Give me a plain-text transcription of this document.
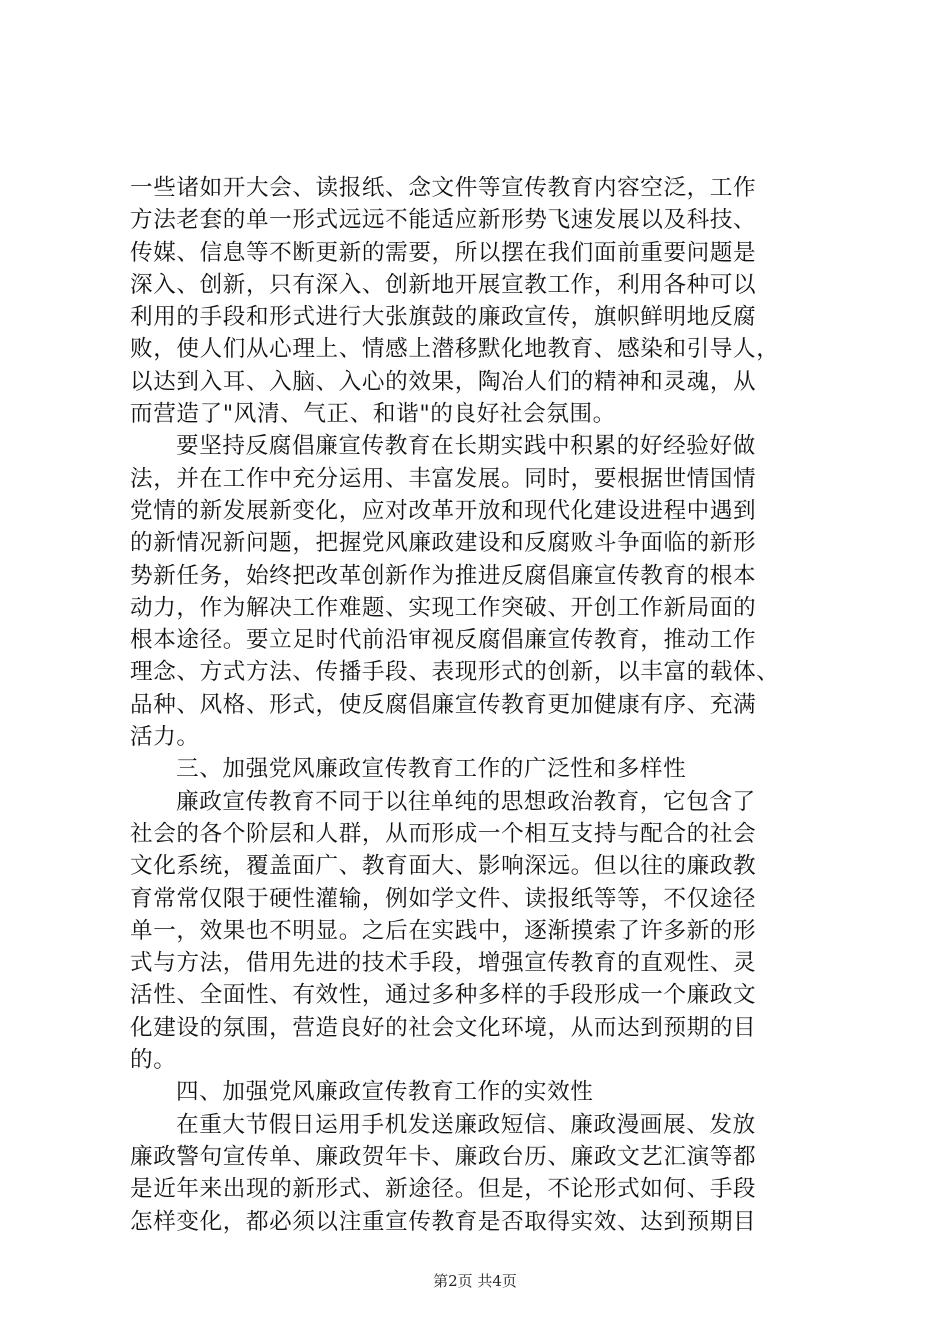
一些诸如开大会、读报纸、念文件等宣传教育内容空泛，工作
方法老套的单一形式远远不能适应新形势飞速发展以及科技、
传媒、信息等不断更新的需要，所以摆在我们面前重要问题是
深入、创新，只有深入、创新地开展宣教工作，利用各种可以
利用的手段和形式进行大张旗鼓的廉政宣传，旗帜鲜明地反腐
败，使人们从心理上、情感上潜移默化地教育、感染和引导人，
以达到入耳、入脑、入心的效果，陶冶人们的精神和灵魂，从
而营造了"风清、气正、和谐"的良好社会氛围。
要坚持反腐倡廉宣传教育在长期实践中积累的好经验好做
法，并在工作中充分运用、丰富发展。同时，要根据世情国情
党情的新发展新变化，应对改革开放和现代化建设进程中遇到
的新情况新问题，把握党风廉政建设和反腐败斗争面临的新形
势新任务，始终把改革创新作为推进反腐倡廉宣传教育的根本
动力，作为解决工作难题、实现工作突破、开创工作新局面的
根本途径。要立足时代前沿审视反腐倡廉宣传教育，推动工作
理念、方式方法、传播手段、表现形式的创新，以丰富的载体、
品种、风格、形式，使反腐倡廉宣传教育更加健康有序、充满
活力。
三、加强党风廉政宣传教育工作的广泛性和多样性
廉政宣传教育不同于以往单纯的思想政治教育，它包含了
社会的各个阶层和人群，从而形成一个相互支持与配合的社会
文化系统，覆盖面广、教育面大、影响深远。但以往的廉政教
育常常仅限于硬性灌输，例如学文件、读报纸等等，不仅途径
单一，效果也不明显。之后在实践中，逐渐摸索了许多新的形
式与方法，借用先进的技术手段，增强宣传教育的直观性、灵
活性、全面性、有效性，通过多种多样的手段形成一个廉政文
化建设的氛围，营造良好的社会文化环境，从而达到预期的目
的。
四、加强党风廉政宣传教育工作的实效性
在重大节假日运用手机发送廉政短信、廉政漫画展、发放
廉政警句宣传单、廉政贺年卡、廉政台历、廉政文艺汇演等都
是近年来出现的新形式、新途径。但是，不论形式如何、手段
怎样变化，都必须以注重宣传教育是否取得实效、达到预期目
第2页 共4页
